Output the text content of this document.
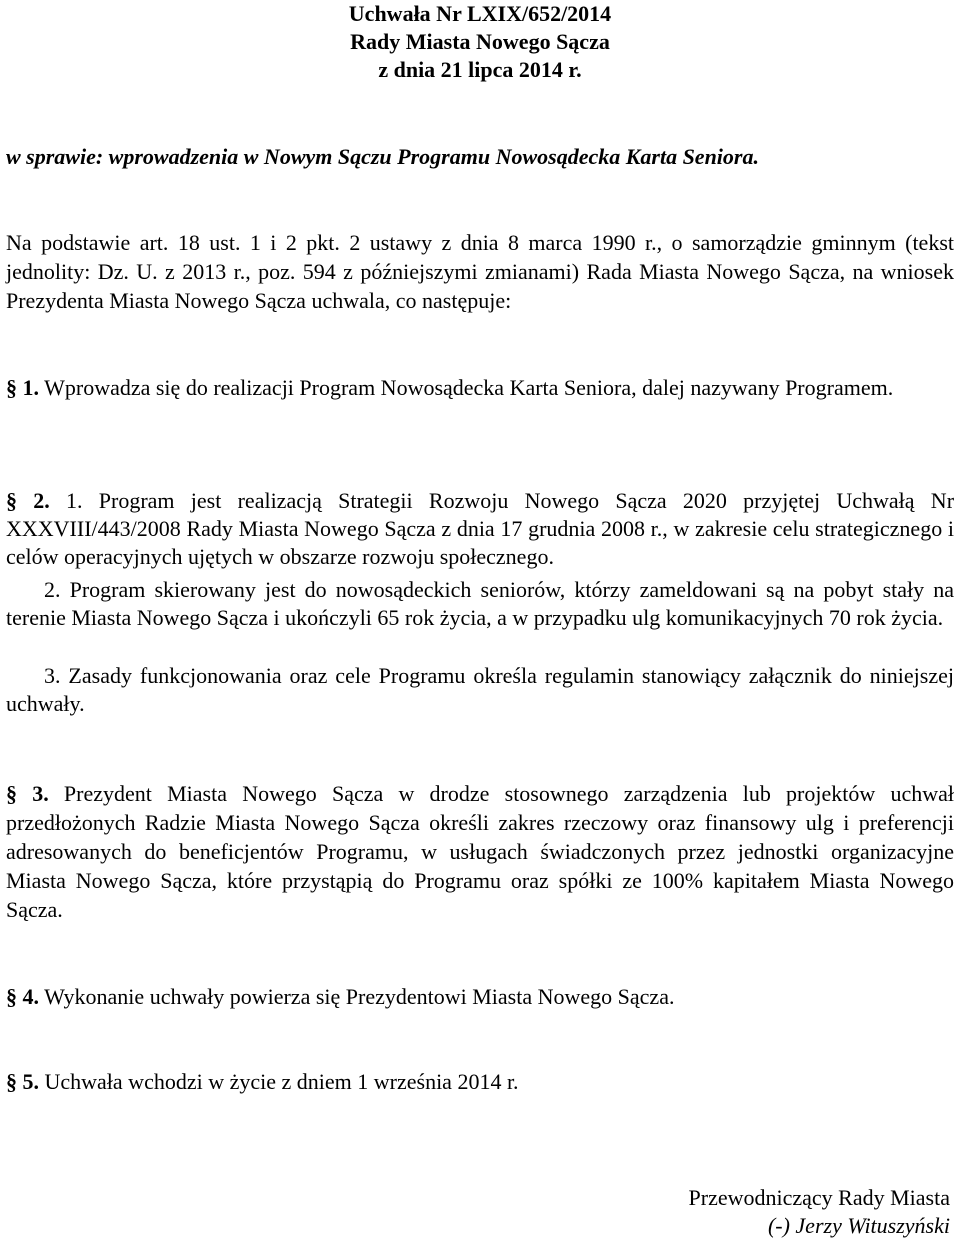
Uchwała Nr LXIX/652/2014
Rady Miasta Nowego Sącza
z dnia 21 lipca 2014 r.
w sprawie: wprowadzenia w Nowym Sączu Programu Nowosądecka Karta Seniora.
Na podstawie art. 18 ust. 1 i 2 pkt. 2 ustawy z dnia 8 marca 1990 r., o samorządzie gminnym (tekst jednolity: Dz. U. z 2013 r., poz. 594 z późniejszymi zmianami) Rada Miasta Nowego Sącza, na wniosek Prezydenta Miasta Nowego Sącza uchwala, co następuje:
§ 1. Wprowadza się do realizacji Program Nowosądecka Karta Seniora, dalej nazywany Programem.
§ 2. 1. Program jest realizacją Strategii Rozwoju Nowego Sącza 2020 przyjętej Uchwałą Nr XXXVIII/443/2008 Rady Miasta Nowego Sącza z dnia 17 grudnia 2008 r., w zakresie celu strategicznego i celów operacyjnych ujętych w obszarze rozwoju społecznego.
2. Program skierowany jest do nowosądeckich seniorów, którzy zameldowani są na pobyt stały na terenie Miasta Nowego Sącza i ukończyli 65 rok życia, a w przypadku ulg komunikacyjnych 70 rok życia.
3. Zasady funkcjonowania oraz cele Programu określa regulamin stanowiący załącznik do niniejszej uchwały.
§ 3. Prezydent Miasta Nowego Sącza w drodze stosownego zarządzenia lub projektów uchwał przedłożonych Radzie Miasta Nowego Sącza określi zakres rzeczowy oraz finansowy ulg i preferencji adresowanych do beneficjentów Programu, w usługach świadczonych przez jednostki organizacyjne Miasta Nowego Sącza, które przystąpią do Programu oraz spółki ze 100% kapitałem Miasta Nowego Sącza.
§ 4. Wykonanie uchwały powierza się Prezydentowi Miasta Nowego Sącza.
§ 5. Uchwała wchodzi w życie z dniem 1 września 2014 r.
Przewodniczący Rady Miasta
(-) Jerzy Wituszyński
